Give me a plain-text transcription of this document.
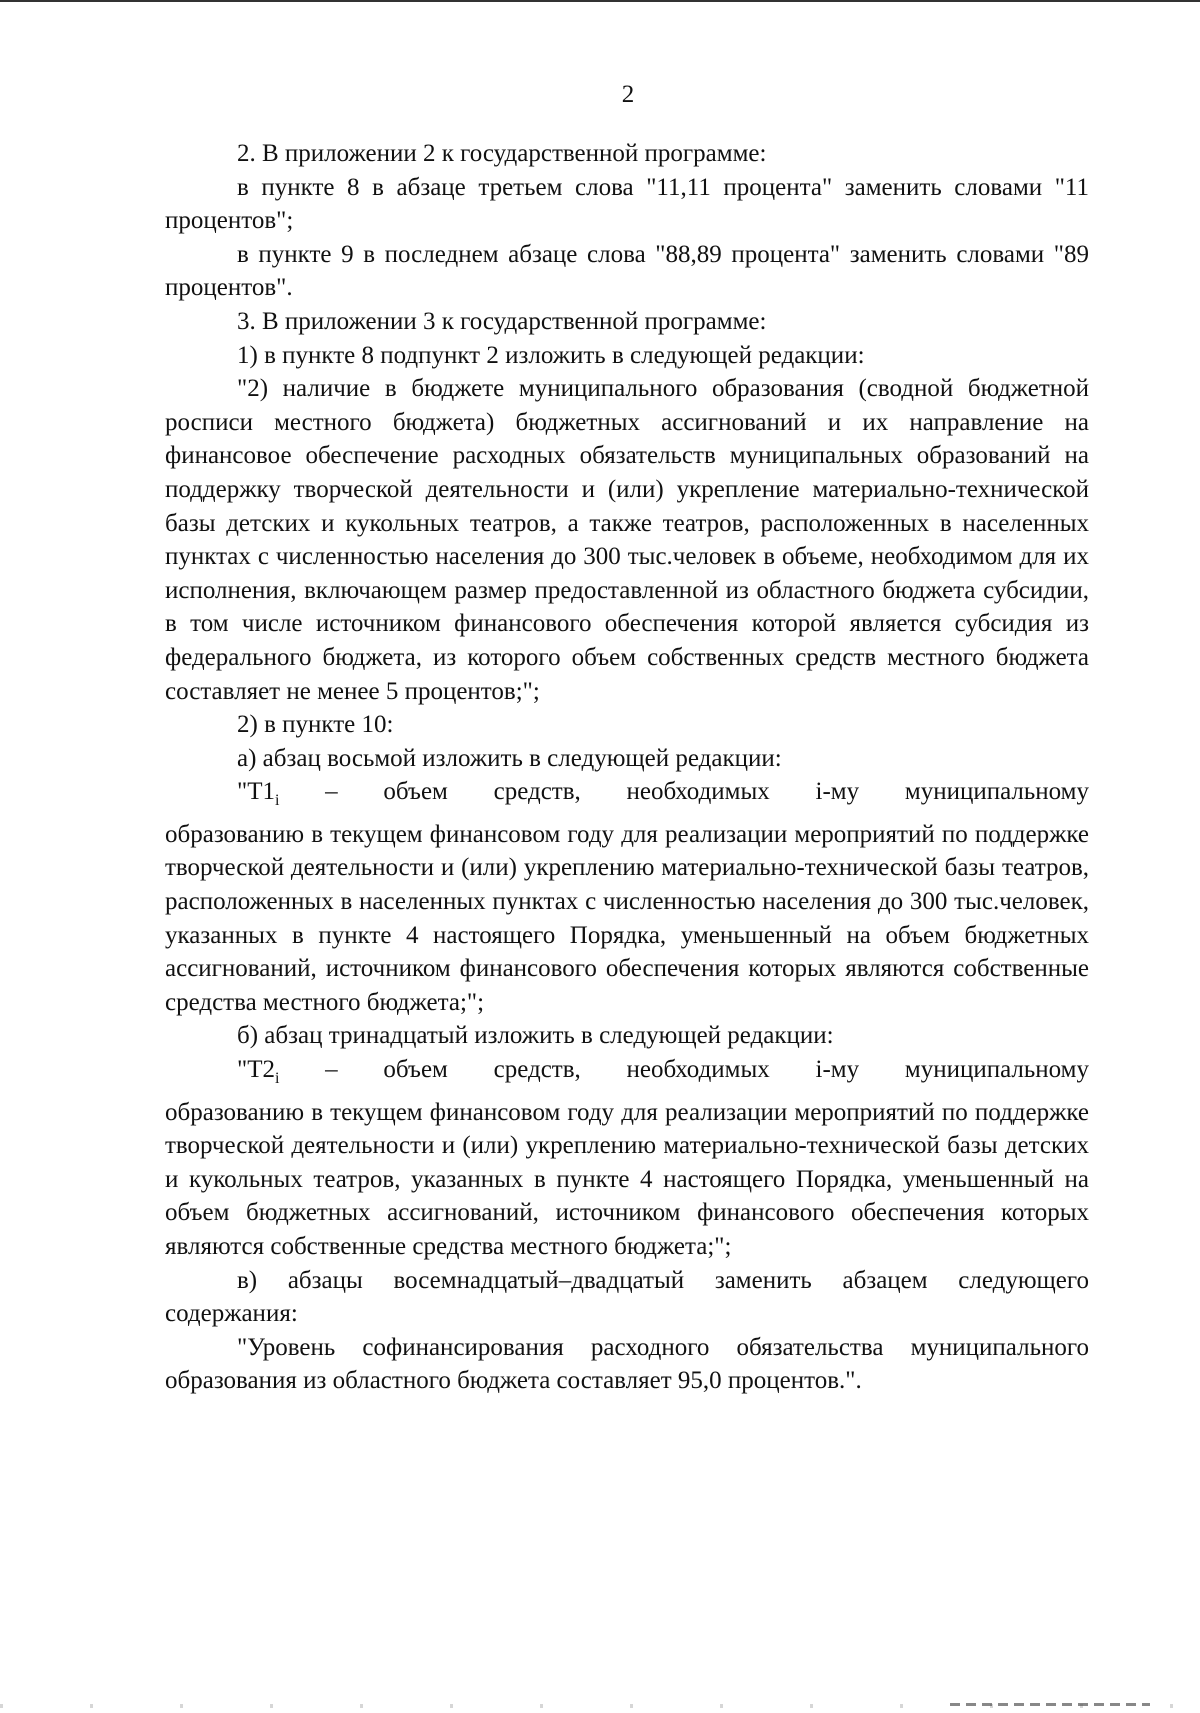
2

2. В приложении 2 к государственной программе:

в пункте 8 в абзаце третьем слова "11,11 процента" заменить словами "11 процентов";

в пункте 9 в последнем абзаце слова "88,89 процента" заменить словами "89 процентов".

3. В приложении 3 к государственной программе:

1) в пункте 8 подпункт 2 изложить в следующей редакции:

"2) наличие в бюджете муниципального образования (сводной бюджетной росписи местного бюджета) бюджетных ассигнований и их направление на финансовое обеспечение расходных обязательств муниципальных образований на поддержку творческой деятельности и (или) укрепление материально-технической базы детских и кукольных театров, а также театров, расположенных в населенных пунктах с численностью населения до 300 тыс.человек в объеме, необходимом для их исполнения, включающем размер предоставленной из областного бюджета субсидии, в том числе источником финансового обеспечения которой является субсидия из федерального бюджета, из которого объем собственных средств местного бюджета составляет не менее 5 процентов;";

2) в пункте 10:

а) абзац восьмой изложить в следующей редакции:

"$T1_i$ – объем средств, необходимых i-му муниципальному

образованию в текущем финансовом году для реализации мероприятий по поддержке творческой деятельности и (или) укреплению материально-технической базы театров, расположенных в населенных пунктах с численностью населения до 300 тыс.человек, указанных в пункте 4 настоящего Порядка, уменьшенный на объем бюджетных ассигнований, источником финансового обеспечения которых являются собственные средства местного бюджета;";

б) абзац тринадцатый изложить в следующей редакции:

"$T2_i$ – объем средств, необходимых i-му муниципальному

образованию в текущем финансовом году для реализации мероприятий по поддержке творческой деятельности и (или) укреплению материально-технической базы детских и кукольных театров, указанных в пункте 4 настоящего Порядка, уменьшенный на объем бюджетных ассигнований, источником финансового обеспечения которых являются собственные средства местного бюджета;";

в) абзацы восемнадцатый–двадцатый заменить абзацем следующего содержания:

"Уровень софинансирования расходного обязательства муниципального образования из областного бюджета составляет 95,0 процентов.".
